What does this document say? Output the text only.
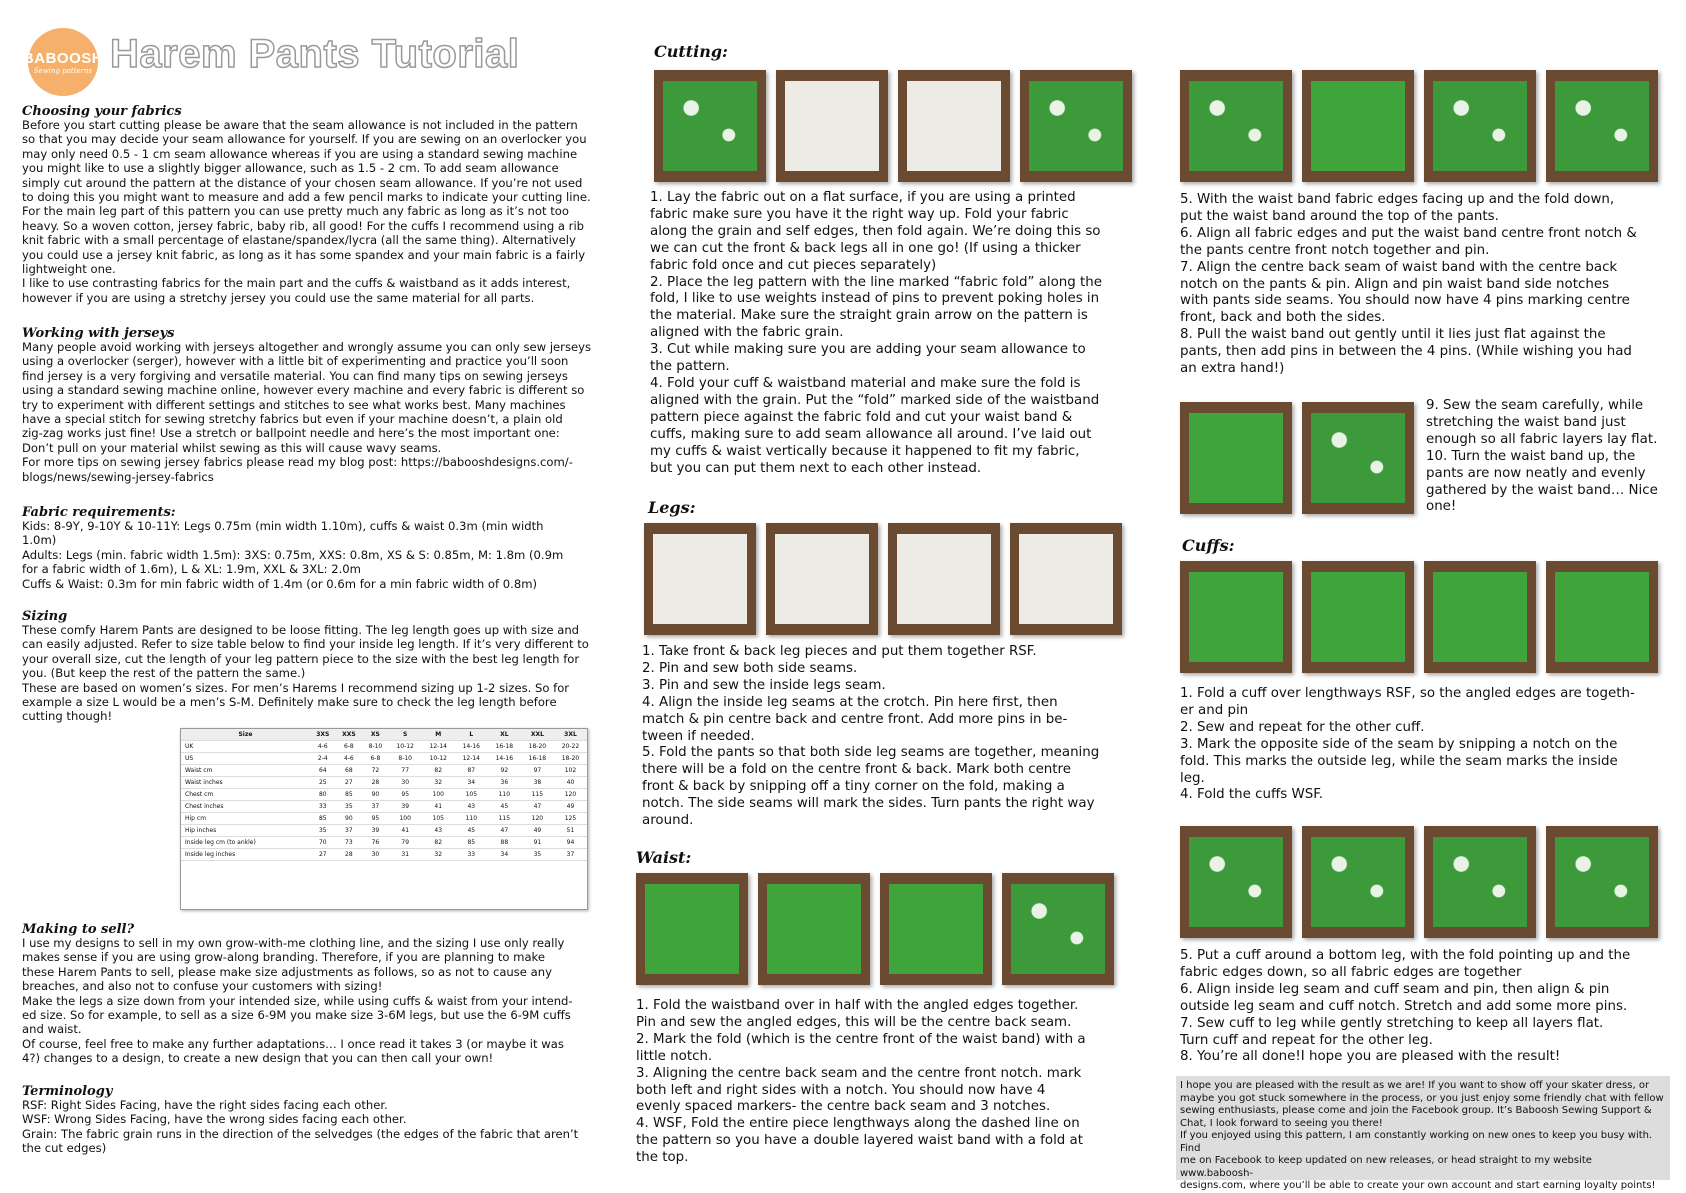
BABOOSH
Sewing patterns Harem Pants Tutorial
Choosing your fabrics
Before you start cutting please be aware that the seam allowance is not included in the pattern
so that you may decide your seam allowance for yourself. If you are sewing on an overlocker you
may only need 0.5 - 1 cm seam allowance whereas if you are using a standard sewing machine
you might like to use a slightly bigger allowance, such as 1.5 - 2 cm. To add seam allowance
simply cut around the pattern at the distance of your chosen seam allowance. If you’re not used
to doing this you might want to measure and add a few pencil marks to indicate your cutting line.
For the main leg part of this pattern you can use pretty much any fabric as long as it’s not too
heavy. So a woven cotton, jersey fabric, baby rib, all good! For the cuffs I recommend using a rib
knit fabric with a small percentage of elastane/spandex/lycra (all the same thing). Alternatively
you could use a jersey knit fabric, as long as it has some spandex and your main fabric is a fairly
lightweight one.
I like to use contrasting fabrics for the main part and the cuffs & waistband as it adds interest,
however if you are using a stretchy jersey you could use the same material for all parts.
Working with jerseys
Many people avoid working with jerseys altogether and wrongly assume you can only sew jerseys
using a overlocker (serger), however with a little bit of experimenting and practice you’ll soon
find jersey is a very forgiving and versatile material. You can find many tips on sewing jerseys
using a standard sewing machine online, however every machine and every fabric is different so
try to experiment with different settings and stitches to see what works best. Many machines
have a special stitch for sewing stretchy fabrics but even if your machine doesn’t, a plain old
zig-zag works just fine! Use a stretch or ballpoint needle and here’s the most important one:
Don’t pull on your material whilst sewing as this will cause wavy seams.
For more tips on sewing jersey fabrics please read my blog post: https://babooshdesigns.com/-
blogs/news/sewing-jersey-fabrics
Fabric requirements:
Kids: 8-9Y, 9-10Y & 10-11Y: Legs 0.75m (min width 1.10m), cuffs & waist 0.3m (min width
1.0m)
Adults: Legs (min. fabric width 1.5m): 3XS: 0.75m, XXS: 0.8m, XS & S: 0.85m, M: 1.8m (0.9m
for a fabric width of 1.6m), L & XL: 1.9m, XXL & 3XL: 2.0m
Cuffs & Waist: 0.3m for min fabric width of 1.4m (or 0.6m for a min fabric width of 0.8m)
Sizing
These comfy Harem Pants are designed to be loose fitting. The leg length goes up with size and
can easily adjusted. Refer to size table below to find your inside leg length. If it’s very different to
your overall size, cut the length of your leg pattern piece to the size with the best leg length for
you. (But keep the rest of the pattern the same.)
These are based on women’s sizes. For men’s Harems I recommend sizing up 1-2 sizes. So for
example a size L would be a men’s S-M. Definitely make sure to check the leg length before
cutting though!
Size	3XS	XXS	XS	S	M	L	XL	XXL	3XL
UK	4-6	6-8	8-10	10-12	12-14	14-16	16-18	18-20	20-22
US	2-4	4-6	6-8	8-10	10-12	12-14	14-16	16-18	18-20
Waist cm	64	68	72	77	82	87	92	97	102
Waist inches	25	27	28	30	32	34	36	38	40
Chest cm	80	85	90	95	100	105	110	115	120
Chest inches	33	35	37	39	41	43	45	47	49
Hip cm	85	90	95	100	105	110	115	120	125
Hip inches	35	37	39	41	43	45	47	49	51
Inside leg cm (to ankle)	70	73	76	79	82	85	88	91	94
Inside leg inches	27	28	30	31	32	33	34	35	37
Making to sell?
I use my designs to sell in my own grow-with-me clothing line, and the sizing I use only really
makes sense if you are using grow-along branding. Therefore, if you are planning to make
these Harem Pants to sell, please make size adjustments as follows, so as not to cause any
breaches, and also not to confuse your customers with sizing!
Make the legs a size down from your intended size, while using cuffs & waist from your intend-
ed size. So for example, to sell as a size 6-9M you make size 3-6M legs, but use the 6-9M cuffs
and waist.
Of course, feel free to make any further adaptations… I once read it takes 3 (or maybe it was
4?) changes to a design, to create a new design that you can then call your own!
Terminology
RSF: Right Sides Facing, have the right sides facing each other.
WSF: Wrong Sides Facing, have the wrong sides facing each other.
Grain: The fabric grain runs in the direction of the selvedges (the edges of the fabric that aren’t
the cut edges)
Cutting:
1. Lay the fabric out on a flat surface, if you are using a printed
fabric make sure you have it the right way up. Fold your fabric
along the grain and self edges, then fold again. We’re doing this so
we can cut the front & back legs all in one go! (If using a thicker
fabric fold once and cut pieces separately)
2. Place the leg pattern with the line marked “fabric fold” along the
fold, I like to use weights instead of pins to prevent poking holes in
the material. Make sure the straight grain arrow on the pattern is
aligned with the fabric grain.
3. Cut while making sure you are adding your seam allowance to
the pattern.
4. Fold your cuff & waistband material and make sure the fold is
aligned with the grain. Put the “fold” marked side of the waistband
pattern piece against the fabric fold and cut your waist band &
cuffs, making sure to add seam allowance all around. I’ve laid out
my cuffs & waist vertically because it happened to fit my fabric,
but you can put them next to each other instead.
Legs:
1. Take front & back leg pieces and put them together RSF.
2. Pin and sew both side seams.
3. Pin and sew the inside legs seam.
4. Align the inside leg seams at the crotch. Pin here first, then
match & pin centre back and centre front. Add more pins in be-
tween if needed.
5. Fold the pants so that both side leg seams are together, meaning
there will be a fold on the centre front & back. Mark both centre
front & back by snipping off a tiny corner on the fold, making a
notch. The side seams will mark the sides. Turn pants the right way
around.
Waist:
1. Fold the waistband over in half with the angled edges together.
Pin and sew the angled edges, this will be the centre back seam.
2. Mark the fold (which is the centre front of the waist band) with a
little notch.
3. Aligning the centre back seam and the centre front notch. mark
both left and right sides with a notch. You should now have 4
evenly spaced markers- the centre back seam and 3 notches.
4. WSF, Fold the entire piece lengthways along the dashed line on
the pattern so you have a double layered waist band with a fold at
the top.
5. With the waist band fabric edges facing up and the fold down,
put the waist band around the top of the pants.
6. Align all fabric edges and put the waist band centre front notch &
the pants centre front notch together and pin.
7. Align the centre back seam of waist band with the centre back
notch on the pants & pin. Align and pin waist band side notches
with pants side seams. You should now have 4 pins marking centre
front, back and both the sides.
8. Pull the waist band out gently until it lies just flat against the
pants, then add pins in between the 4 pins. (While wishing you had
an extra hand!)
9. Sew the seam carefully, while
stretching the waist band just
enough so all fabric layers lay flat.
10. Turn the waist band up, the
pants are now neatly and evenly
gathered by the waist band… Nice
one!
Cuffs:
1. Fold a cuff over lengthways RSF, so the angled edges are togeth-
er and pin
2. Sew and repeat for the other cuff.
3. Mark the opposite side of the seam by snipping a notch on the
fold. This marks the outside leg, while the seam marks the inside
leg.
4. Fold the cuffs WSF.
5. Put a cuff around a bottom leg, with the fold pointing up and the
fabric edges down, so all fabric edges are together
6. Align inside leg seam and cuff seam and pin, then align & pin
outside leg seam and cuff notch. Stretch and add some more pins.
7. Sew cuff to leg while gently stretching to keep all layers flat.
Turn cuff and repeat for the other leg.
8. You’re all done!I hope you are pleased with the result!
I hope you are pleased with the result as we are! If you want to show off your skater dress, or
maybe you got stuck somewhere in the process, or you just enjoy some friendly chat with fellow
sewing enthusiasts, please come and join the Facebook group. It’s Baboosh Sewing Support &
Chat, I look forward to seeing you there!
If you enjoyed using this pattern, I am constantly working on new ones to keep you busy with. Find
me on Facebook to keep updated on new releases, or head straight to my website www.baboosh-
designs.com, where you’ll be able to create your own account and start earning loyalty points!
